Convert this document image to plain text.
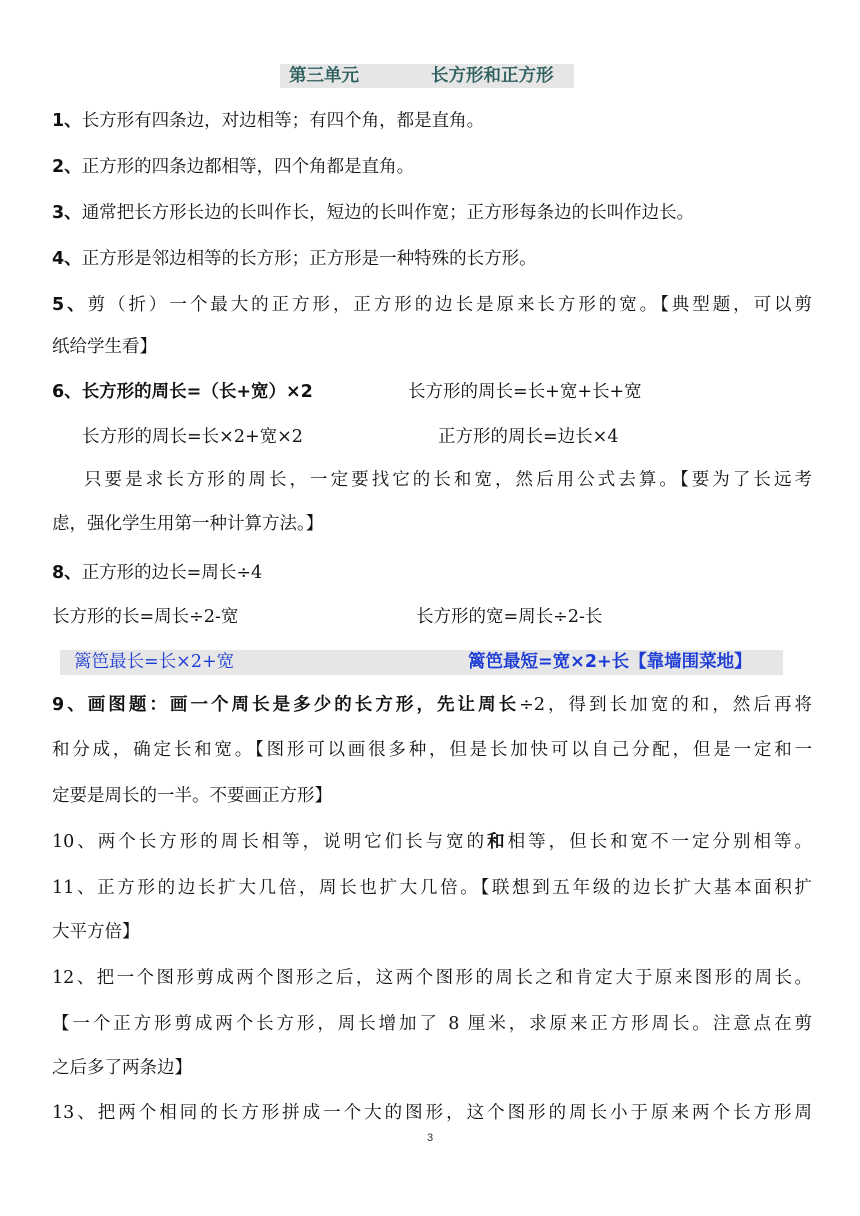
第三单元	长方形和正方形
1、长方形有四条边，对边相等；有四个角，都是直角。
2、正方形的四条边都相等，四个角都是直角。
3、通常把长方形长边的长叫作长，短边的长叫作宽；正方形每条边的长叫作边长。
4、正方形是邻边相等的长方形；正方形是一种特殊的长方形。
5、剪（折）一个最大的正方形，正方形的边长是原来长方形的宽。【典型题，可以剪
纸给学生看】
6、长方形的周长=（长+宽）×2	长方形的周长=长+宽+长+宽
长方形的周长=长×2+宽×2	正方形的周长=边长×4
只要是求长方形的周长，一定要找它的长和宽，然后用公式去算。【要为了长远考
虑，强化学生用第一种计算方法。】
8、正方形的边长=周长÷4
长方形的长=周长÷2-宽	长方形的宽=周长÷2-长
篱笆最长=长×2+宽	篱笆最短=宽×2+长【靠墙围菜地】
9、画图题：画一个周长是多少的长方形，先让周长÷2，得到长加宽的和，然后再将
和分成，确定长和宽。【图形可以画很多种，但是长加快可以自己分配，但是一定和一
定要是周长的一半。不要画正方形】
10、两个长方形的周长相等，说明它们长与宽的和相等，但长和宽不一定分别相等。
11、正方形的边长扩大几倍，周长也扩大几倍。【联想到五年级的边长扩大基本面积扩
大平方倍】
12、把一个图形剪成两个图形之后，这两个图形的周长之和肯定大于原来图形的周长。
【一个正方形剪成两个长方形，周长增加了 8 厘米，求原来正方形周长。注意点在剪
之后多了两条边】
13、把两个相同的长方形拼成一个大的图形，这个图形的周长小于原来两个长方形周
3
